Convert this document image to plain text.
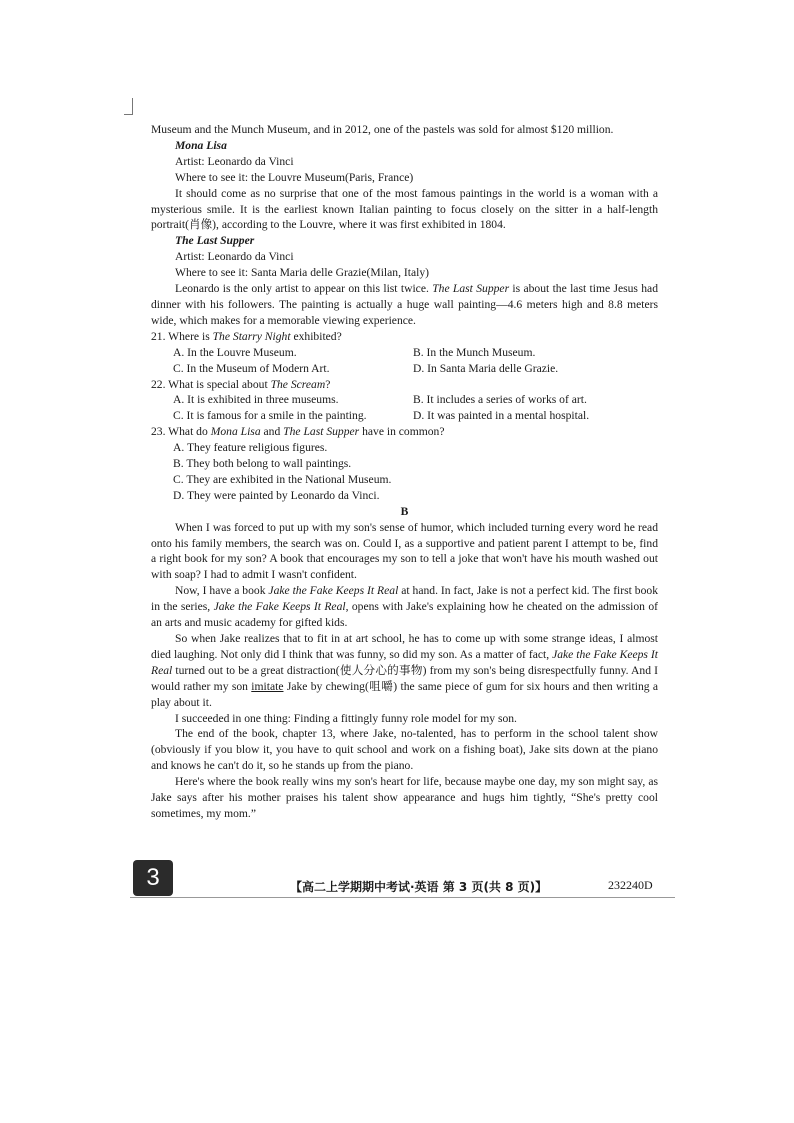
Museum and the Munch Museum, and in 2012, one of the pastels was sold for almost $120 million.

Mona Lisa

Artist: Leonardo da Vinci

Where to see it: the Louvre Museum(Paris, France)

It should come as no surprise that one of the most famous paintings in the world is a woman with a mysterious smile. It is the earliest known Italian painting to focus closely on the sitter in a half-length portrait(肖像), according to the Louvre, where it was first exhibited in 1804.

The Last Supper

Artist: Leonardo da Vinci

Where to see it: Santa Maria delle Grazie(Milan, Italy)

Leonardo is the only artist to appear on this list twice. The Last Supper is about the last time Jesus had dinner with his followers. The painting is actually a huge wall painting—4.6 meters high and 8.8 meters wide, which makes for a memorable viewing experience.

21. Where is The Starry Night exhibited?

A. In the Louvre Museum.	B. In the Munch Museum.
C. In the Museum of Modern Art.	D. In Santa Maria delle Grazie.

22. What is special about The Scream?

A. It is exhibited in three museums.	B. It includes a series of works of art.
C. It is famous for a smile in the painting.	D. It was painted in a mental hospital.

23. What do Mona Lisa and The Last Supper have in common?

A. They feature religious figures.

B. They both belong to wall paintings.

C. They are exhibited in the National Museum.

D. They were painted by Leonardo da Vinci.

B

When I was forced to put up with my son's sense of humor, which included turning every word he read onto his family members, the search was on. Could I, as a supportive and patient parent I attempt to be, find a right book for my son? A book that encourages my son to tell a joke that won't have his mouth washed out with soap? I had to admit I wasn't confident.

Now, I have a book Jake the Fake Keeps It Real at hand. In fact, Jake is not a perfect kid. The first book in the series, Jake the Fake Keeps It Real, opens with Jake's explaining how he cheated on the admission of an arts and music academy for gifted kids.

So when Jake realizes that to fit in at art school, he has to come up with some strange ideas, I almost died laughing. Not only did I think that was funny, so did my son. As a matter of fact, Jake the Fake Keeps It Real turned out to be a great distraction(使人分心的事物) from my son's being disrespectfully funny. And I would rather my son imitate Jake by chewing(咀嚼) the same piece of gum for six hours and then writing a play about it.

I succeeded in one thing: Finding a fittingly funny role model for my son.

The end of the book, chapter 13, where Jake, no-talented, has to perform in the school talent show (obviously if you blow it, you have to quit school and work on a fishing boat), Jake sits down at the piano and knows he can't do it, so he stands up from the piano.

Here's where the book really wins my son's heart for life, because maybe one day, my son might say, as Jake says after his mother praises his talent show appearance and hugs him tightly, “She's pretty cool sometimes, my mom.”

3	【高二上学期期中考试·英语 第 3 页(共 8 页)】	232240D
